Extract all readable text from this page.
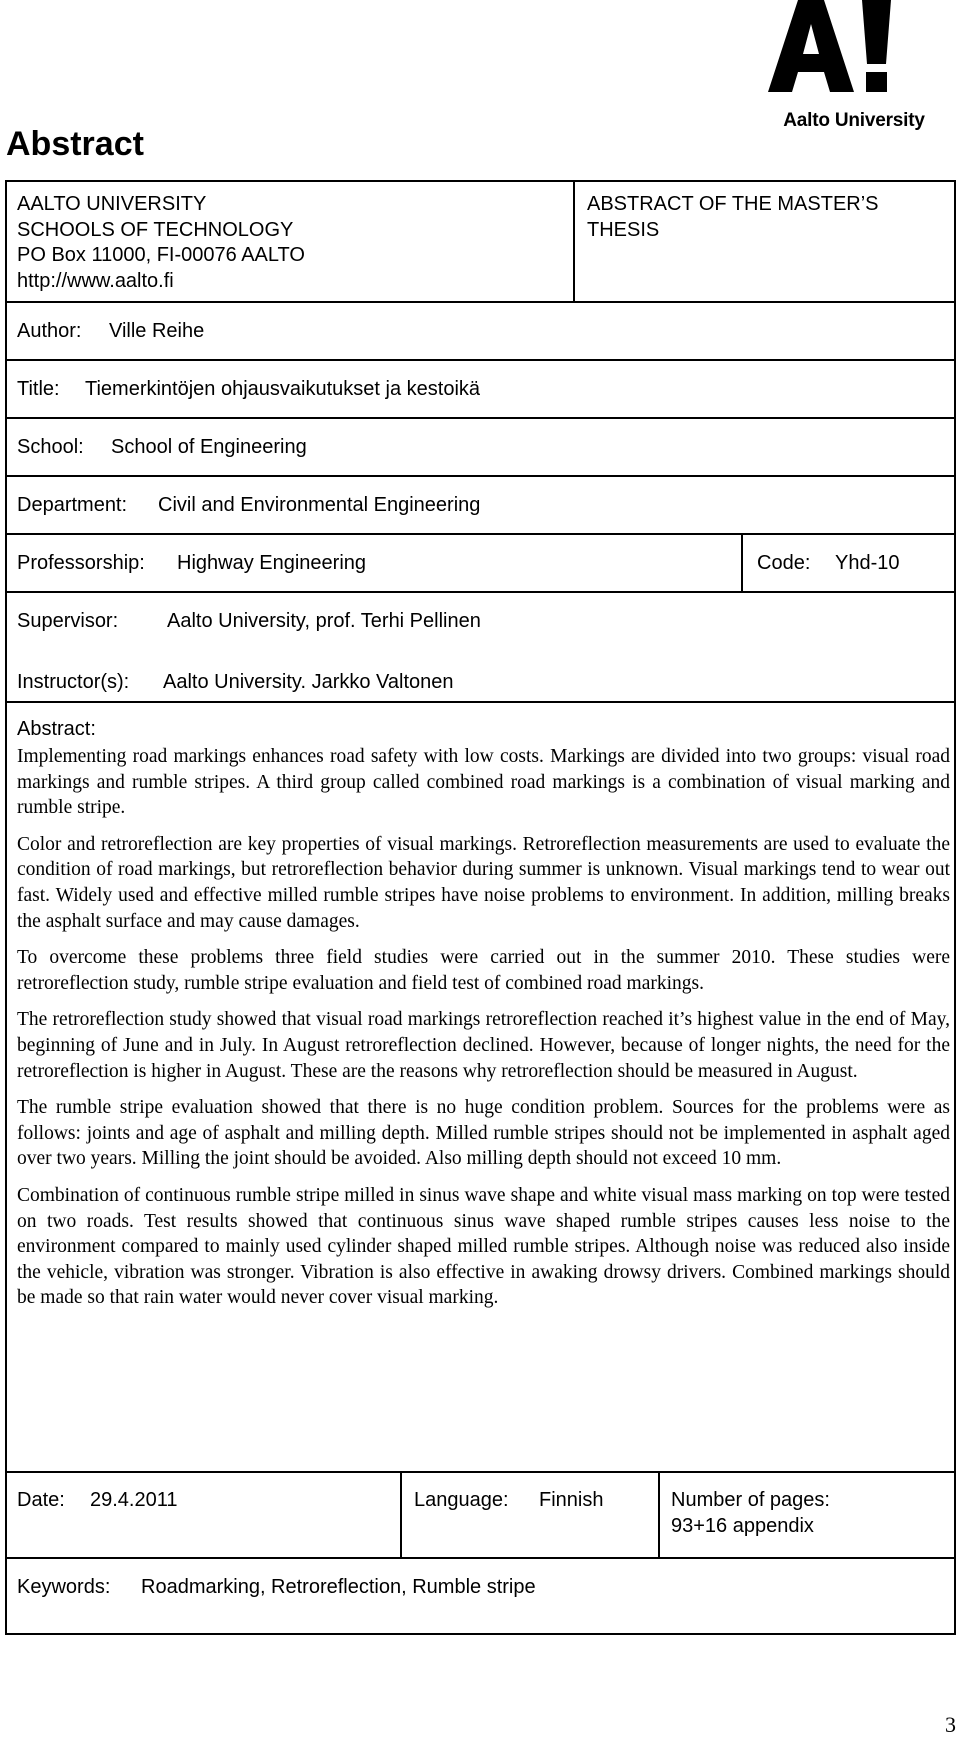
Aalto University
Abstract
AALTO UNIVERSITY
SCHOOLS OF TECHNOLOGY
PO Box 11000, FI-00076 AALTO
http://www.aalto.fi
ABSTRACT OF THE MASTER’S
THESIS
Author: Ville Reihe
Title: Tiemerkintöjen ohjausvaikutukset ja kestoikä
School: School of Engineering
Department: Civil and Environmental Engineering
Professorship: Highway Engineering	Code: Yhd-10
Supervisor: Aalto University, prof. Terhi Pellinen
Instructor(s): Aalto University. Jarkko Valtonen
Abstract:

Implementing road markings enhances road safety with low costs. Markings are divided into two groups: visual road markings and rumble stripes. A third group called combined road markings is a combination of visual marking and rumble stripe.

Color and retroreflection are key properties of visual markings. Retroreflection measurements are used to evaluate the condition of road markings, but retroreflection behavior during summer is unknown. Visual markings tend to wear out fast. Widely used and effective milled rumble stripes have noise problems to environment. In addition, milling breaks the asphalt surface and may cause damages.

To overcome these problems three field studies were carried out in the summer 2010. These studies were retroreflection study, rumble stripe evaluation and field test of combined road markings.

The retroreflection study showed that visual road markings retroreflection reached it’s highest value in the end of May, beginning of June and in July. In August retroreflection declined. However, because of longer nights, the need for the retroreflection is higher in August. These are the reasons why retroreflection should be measured in August.

The rumble stripe evaluation showed that there is no huge condition problem. Sources for the problems were as follows: joints and age of asphalt and milling depth. Milled rumble stripes should not be implemented in asphalt aged over two years. Milling the joint should be avoided. Also milling depth should not exceed 10 mm.

Combination of continuous rumble stripe milled in sinus wave shape and white visual mass marking on top were tested on two roads. Test results showed that continuous sinus wave shaped rumble stripes causes less noise to the environment compared to mainly used cylinder shaped milled rumble stripes. Although noise was reduced also inside the vehicle, vibration was stronger. Vibration is also effective in awaking drowsy drivers. Combined markings should be made so that rain water would never cover visual marking.

Date: 29.4.2011	Language: Finnish	Number of pages:
93+16 appendix
Keywords: Roadmarking, Retroreflection, Rumble stripe
3
